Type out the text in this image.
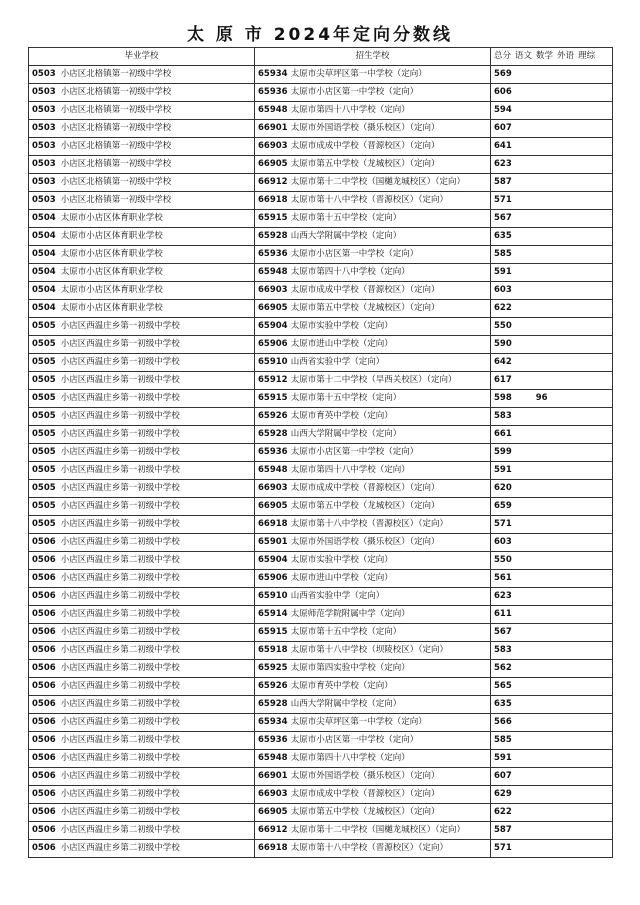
太 原 市 2024年定向分数线
毕业学校	招生学校	总分 语文 数学 外语 理综
0503 小店区北格镇第一初级中学校	65934 太原市尖草坪区第一中学校（定向）	569
0503 小店区北格镇第一初级中学校	65936 太原市小店区第一中学校（定向）	606
0503 小店区北格镇第一初级中学校	65948 太原市第四十八中学校（定向）	594
0503 小店区北格镇第一初级中学校	66901 太原市外国语学校（摄乐校区）（定向）	607
0503 小店区北格镇第一初级中学校	66903 太原市成成中学校（晋源校区）（定向）	641
0503 小店区北格镇第一初级中学校	66905 太原市第五中学校（龙城校区）（定向）	623
0503 小店区北格镇第一初级中学校	66912 太原市第十二中学校（国樾龙城校区）（定向）	587
0503 小店区北格镇第一初级中学校	66918 太原市第十八中学校（晋源校区）（定向）	571
0504 太原市小店区体育职业学校	65915 太原市第十五中学校（定向）	567
0504 太原市小店区体育职业学校	65928 山西大学附属中学校（定向）	635
0504 太原市小店区体育职业学校	65936 太原市小店区第一中学校（定向）	585
0504 太原市小店区体育职业学校	65948 太原市第四十八中学校（定向）	591
0504 太原市小店区体育职业学校	66903 太原市成成中学校（晋源校区）（定向）	603
0504 太原市小店区体育职业学校	66905 太原市第五中学校（龙城校区）（定向）	622
0505 小店区西温庄乡第一初级中学校	65904 太原市实验中学校（定向）	550
0505 小店区西温庄乡第一初级中学校	65906 太原市进山中学校（定向）	590
0505 小店区西温庄乡第一初级中学校	65910 山西省实验中学（定向）	642
0505 小店区西温庄乡第一初级中学校	65912 太原市第十二中学校（旱西关校区）（定向）	617
0505 小店区西温庄乡第一初级中学校	65915 太原市第十五中学校（定向）	598 96
0505 小店区西温庄乡第一初级中学校	65926 太原市育英中学校（定向）	583
0505 小店区西温庄乡第一初级中学校	65928 山西大学附属中学校（定向）	661
0505 小店区西温庄乡第一初级中学校	65936 太原市小店区第一中学校（定向）	599
0505 小店区西温庄乡第一初级中学校	65948 太原市第四十八中学校（定向）	591
0505 小店区西温庄乡第一初级中学校	66903 太原市成成中学校（晋源校区）（定向）	620
0505 小店区西温庄乡第一初级中学校	66905 太原市第五中学校（龙城校区）（定向）	659
0505 小店区西温庄乡第一初级中学校	66918 太原市第十八中学校（晋源校区）（定向）	571
0506 小店区西温庄乡第二初级中学校	65901 太原市外国语学校（摄乐校区）（定向）	603
0506 小店区西温庄乡第二初级中学校	65904 太原市实验中学校（定向）	550
0506 小店区西温庄乡第二初级中学校	65906 太原市进山中学校（定向）	561
0506 小店区西温庄乡第二初级中学校	65910 山西省实验中学（定向）	623
0506 小店区西温庄乡第二初级中学校	65914 太原师范学院附属中学（定向）	611
0506 小店区西温庄乡第二初级中学校	65915 太原市第十五中学校（定向）	567
0506 小店区西温庄乡第二初级中学校	65918 太原市第十八中学校（坝陵校区）（定向）	583
0506 小店区西温庄乡第二初级中学校	65925 太原市第四实验中学校（定向）	562
0506 小店区西温庄乡第二初级中学校	65926 太原市育英中学校（定向）	565
0506 小店区西温庄乡第二初级中学校	65928 山西大学附属中学校（定向）	635
0506 小店区西温庄乡第二初级中学校	65934 太原市尖草坪区第一中学校（定向）	566
0506 小店区西温庄乡第二初级中学校	65936 太原市小店区第一中学校（定向）	585
0506 小店区西温庄乡第二初级中学校	65948 太原市第四十八中学校（定向）	591
0506 小店区西温庄乡第二初级中学校	66901 太原市外国语学校（摄乐校区）（定向）	607
0506 小店区西温庄乡第二初级中学校	66903 太原市成成中学校（晋源校区）（定向）	629
0506 小店区西温庄乡第二初级中学校	66905 太原市第五中学校（龙城校区）（定向）	622
0506 小店区西温庄乡第二初级中学校	66912 太原市第十二中学校（国樾龙城校区）（定向）	587
0506 小店区西温庄乡第二初级中学校	66918 太原市第十八中学校（晋源校区）（定向）	571
